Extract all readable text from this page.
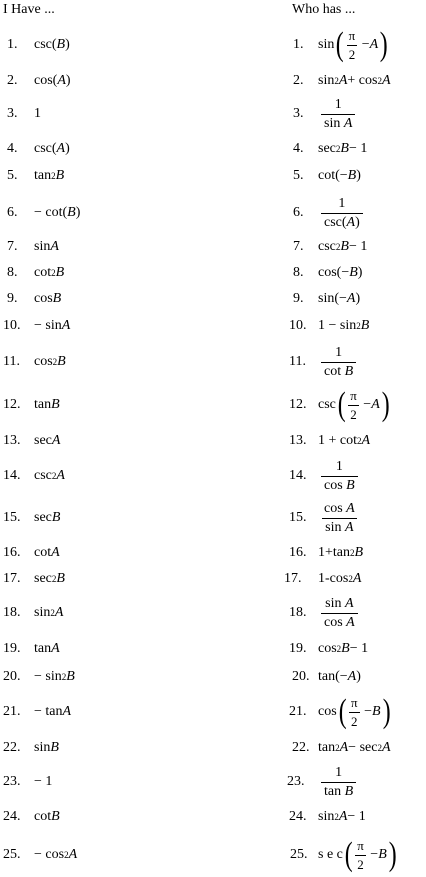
I Have ...	Who has ...
1. csc( B )	1. sin ( π
2
− A )
2. cos( A )	2. sin 2 A + cos 2 A
3. 1	3. $\frac{1}{\text{sin A}}$
4. csc( A )	4. sec 2 B − 1
5. tan 2 B	5. cot(− B )
6. − cot( B )	6. $\frac{1}{\csc(A)}$
7. sin A	7. csc 2 B − 1
8. cot 2 B	8. cos(− B )
9. cos B	9. sin(− A )
10. − sin A	10. 1 − sin 2 B
11. cos 2 B	11. $\frac{1}{\text{cot B}}$
12. tan B	12. csc ( π
2
− A )
13. sec A	13. 1 + cot 2 A
14. csc 2 A	14. $\frac{1}{\text{cos B}}$
15. sec B	15. $\frac{\text{cos A}}{\text{sin A}}$
16. cot A	16. 1+tan 2 B
17. sec 2 B	17. 1-cos 2 A
18. sin 2 A	18. $\frac{\text{sin A}}{\text{cos A}}$
19. tan A	19. cos 2 B − 1
20. − sin 2 B	20. tan(− A )
21. − tan A	21. cos ( π
2
− B )
22. sin B	22. tan 2 A − sec 2 A
23. − 1	23. $\frac{1}{\text{tan B}}$
24. cot B	24. sin 2 A − 1
25. − cos 2 A	25. s e c ( π
2
− B )
